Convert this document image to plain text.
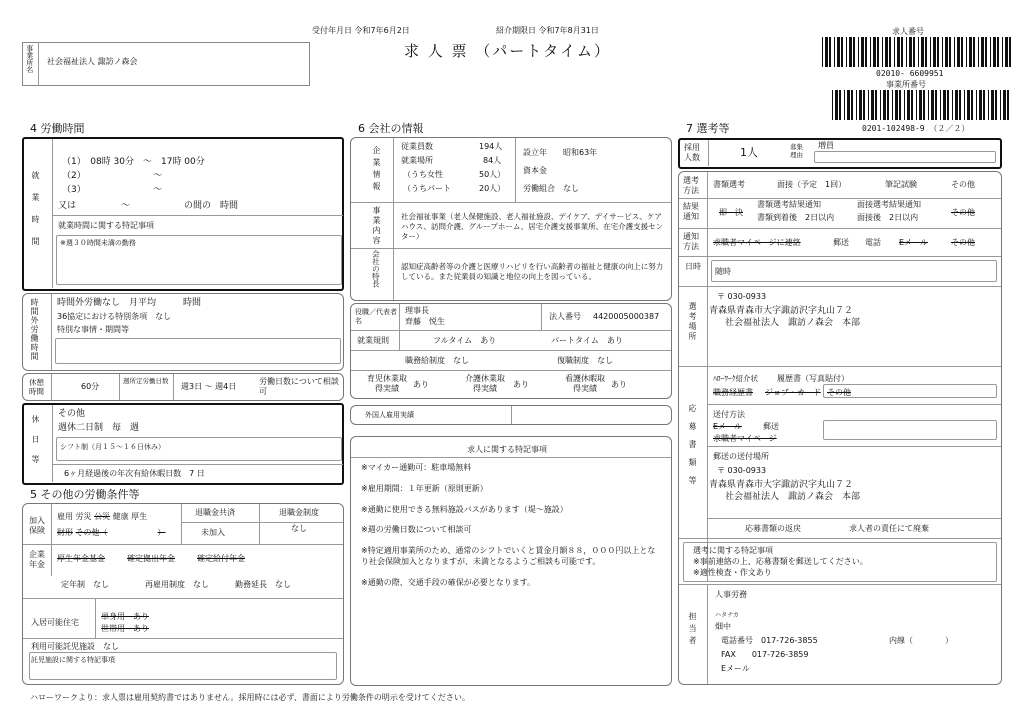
受付年月日 令和7年6月2日	紹介期限日 令和7年8月31日
求 人 票 （パートタイム）
事業所名 社会福祉法人 諏訪ノ森会
求人番号
02010- 6609951
事業所番号
0201-102498-9 （２／２）
4 労働時間
就業時間
（1）　08時 30分　～　17時 00分
（2）　　　　　　　　～
（3）　　　　　　　　～
又は　　　　　～　　　　　　の間の　時間
就業時間に関する特記事項
※週３０時間未満の勤務
時間外労働時間 時間外労働なし　月平均　　　時間
36協定における特別条項　なし
特別な事情・期間等
休憩時間
60分
週所定労働日数
週3日 ～ 週4日
労働日数について相談可
休日等
その他
週休二日制　毎　週
シフト制（月１５～１６日休み）
6ヶ月経過後の年次有給休暇日数　7 日
5 その他の労働条件等
加入保険
雇用 労災 公災 健康 厚生
財形 その他（	）
退職金共済
未加入
退職金制度
なし
企業年金
厚生年金基金	確定拠出年金	確定給付年金
定年制　なし	再雇用制度　なし	勤務延長　なし
入居可能住宅
単身用　あり
世帯用　あり
利用可能託児施設　なし
託児施設に関する特記事項
6 会社の情報
企業情報	従業員数	194人
就業場所	84人
（うち女性	50人）
（うちパート	20人）
設立年　　昭和63年
資本金
労働組合　なし
事業内容	社会福祉事業（老人保健施設、老人福祉施設、デイケア、デイサービス、ケアハウス、訪問介護、グループホーム、居宅介護支援事業所、在宅介護支援センター）
会社の特長	認知症高齢者等の介護と医療リハビリを行い高齢者の福祉と健康の向上に努力している。また従業員の知識と地位の向上を図っている。
役職／代表者名
理事長
齊藤　悦生
法人番号 4420005000387
就業規則	フルタイム　あり	パートタイム　あり
職務給制度　なし	復職制度　なし
育児休業取得実績	あり
介護休業取得実績	あり
看護休暇取得実績	あり
外国人雇用実績
求人に関する特記事項
※マイカー通勤可：駐車場無料
※雇用期間：１年更新（原則更新）
※通勤に使用できる無料施設バスがあります（堤～施設）
※週の労働日数について相談可
※特定適用事業所のため、通常のシフトでいくと賃金月額８８，０００円以上となり社会保険加入となりますが、未満となるようご相談も可能です。
※通勤の際、交通手段の確保が必要となります。
7 選考等
採用人数	1人	募集理由
増員
選考方法
書類選考	面接（予定　1回）	筆記試験	その他
結果通知	即　決
書類選考結果通知	面接選考結果通知
書類到着後　2日以内	面接後　2日以内
その他
通知方法	求職者マイページに連絡	郵送 電話 Eメール	その他
日時
随時
選考場所
〒 030-0933
青森県青森市大字諏訪沢字丸山７２
社会福祉法人　諏訪ノ森会　本部
応募書類等
ﾊﾛｰﾜｰｸ紹介状 履歴書（写真貼付）
職務経歴書 ジョブ・カード その他
送付方法
Eメール	郵送
求職者マイページ
郵送の送付場所
〒 030-0933
青森県青森市大字諏訪沢字丸山７２
社会福祉法人　諏訪ノ森会　本部
応募書類の返戻	求人者の責任にて廃棄
選考に関する特記事項
※事前連絡の上、応募書類を郵送してください。
※適性検査・作文あり
担当者
人事労務
ハタナカ
畑中
電話番号　017-726-3855	内線（　　　　）
FAX　　017-726-3859
Eメール
ハローワークより：求人票は雇用契約書ではありません。採用時には必ず、書面により労働条件の明示を受けてください。
